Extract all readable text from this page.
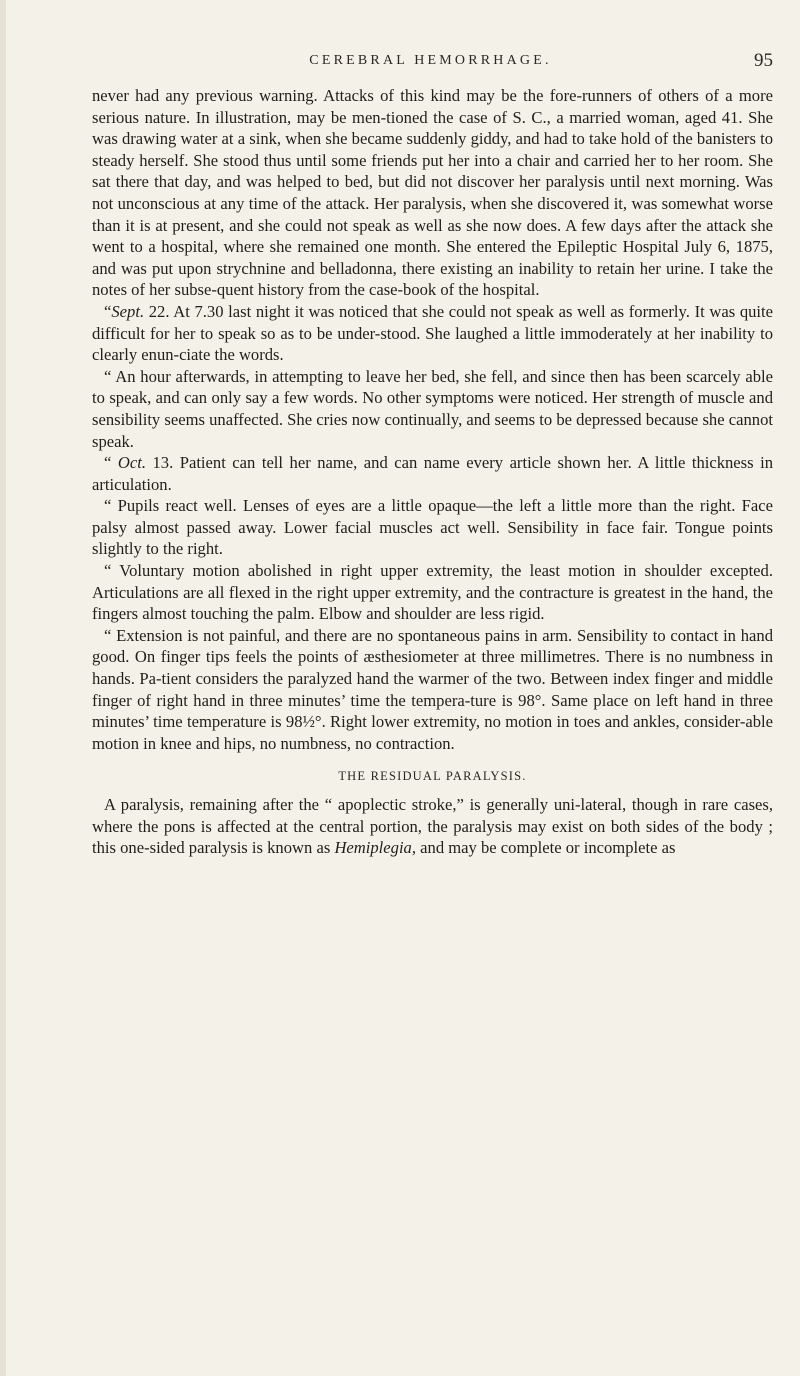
CEREBRAL HEMORRHAGE.	95

never had any previous warning. Attacks of this kind may be the fore-runners of others of a more serious nature. In illustration, may be men-tioned the case of S. C., a married woman, aged 41. She was drawing water at a sink, when she became suddenly giddy, and had to take hold of the banisters to steady herself. She stood thus until some friends put her into a chair and carried her to her room. She sat there that day, and was helped to bed, but did not discover her paralysis until next morning. Was not unconscious at any time of the attack. Her paralysis, when she discovered it, was somewhat worse than it is at present, and she could not speak as well as she now does. A few days after the attack she went to a hospital, where she remained one month. She entered the Epileptic Hospital July 6, 1875, and was put upon strychnine and belladonna, there existing an inability to retain her urine. I take the notes of her subse-quent history from the case-book of the hospital.

“Sept. 22. At 7.30 last night it was noticed that she could not speak as well as formerly. It was quite difficult for her to speak so as to be under-stood. She laughed a little immoderately at her inability to clearly enun-ciate the words.

“ An hour afterwards, in attempting to leave her bed, she fell, and since then has been scarcely able to speak, and can only say a few words. No other symptoms were noticed. Her strength of muscle and sensibility seems unaffected. She cries now continually, and seems to be depressed because she cannot speak.

“ Oct. 13. Patient can tell her name, and can name every article shown her. A little thickness in articulation.

“ Pupils react well. Lenses of eyes are a little opaque—the left a little more than the right. Face palsy almost passed away. Lower facial muscles act well. Sensibility in face fair. Tongue points slightly to the right.

“ Voluntary motion abolished in right upper extremity, the least motion in shoulder excepted. Articulations are all flexed in the right upper extremity, and the contracture is greatest in the hand, the fingers almost touching the palm. Elbow and shoulder are less rigid.

“ Extension is not painful, and there are no spontaneous pains in arm. Sensibility to contact in hand good. On finger tips feels the points of æsthesiometer at three millimetres. There is no numbness in hands. Pa-tient considers the paralyzed hand the warmer of the two. Between index finger and middle finger of right hand in three minutes’ time the tempera-ture is 98°. Same place on left hand in three minutes’ time temperature is 98½°. Right lower extremity, no motion in toes and ankles, consider-able motion in knee and hips, no numbness, no contraction.

THE RESIDUAL PARALYSIS.

A paralysis, remaining after the “ apoplectic stroke,” is generally uni-lateral, though in rare cases, where the pons is affected at the central portion, the paralysis may exist on both sides of the body ; this one-sided paralysis is known as Hemiplegia, and may be complete or incomplete as
